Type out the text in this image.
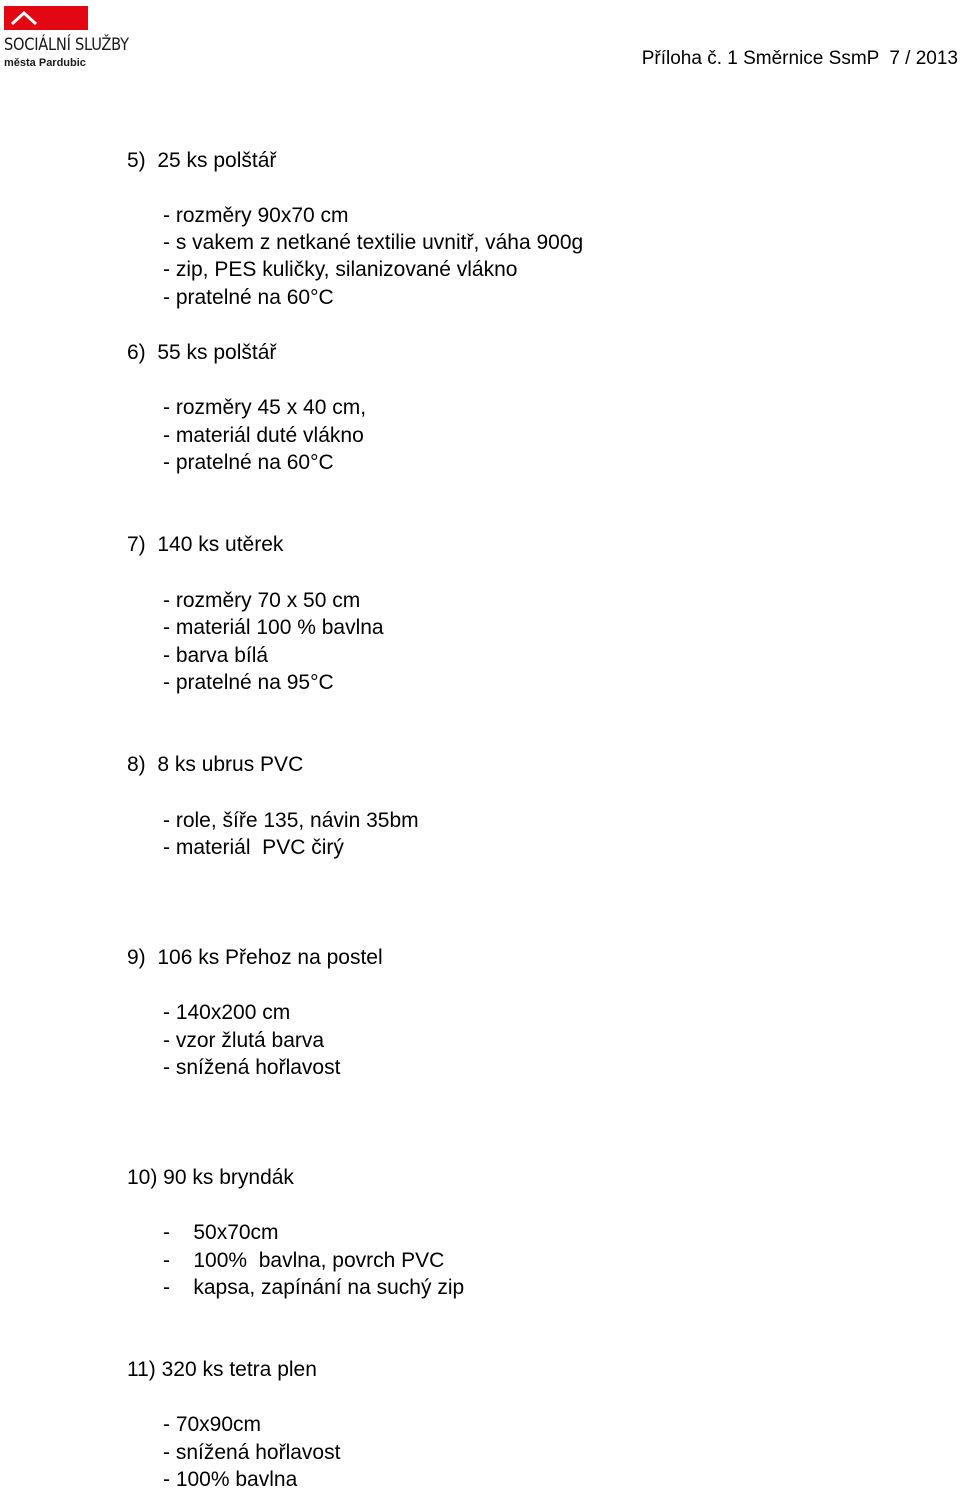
SOCIÁLNÍ SLUŽBY
města Pardubic	Příloha č. 1 Směrnice SsmP 7 / 2013
5)  25 ks polštář
- rozměry 90x70 cm
- s vakem z netkané textilie uvnitř, váha 900g
- zip, PES kuličky, silanizované vlákno
- pratelné na 60°C
6)  55 ks polštář
- rozměry 45 x 40 cm,
- materiál duté vlákno
- pratelné na 60°C
7)  140 ks utěrek
- rozměry 70 x 50 cm
- materiál 100 % bavlna
- barva bílá
- pratelné na 95°C
8)  8 ks ubrus PVC
- role, šíře 135, návin 35bm
- materiál  PVC čirý
9)  106 ks Přehoz na postel
- 140x200 cm
- vzor žlutá barva
- snížená hořlavost
10) 90 ks bryndák
-    50x70cm
-    100%  bavlna, povrch PVC
-    kapsa, zapínání na suchý zip
11) 320 ks tetra plen
- 70x90cm
- snížená hořlavost
- 100% bavlna
